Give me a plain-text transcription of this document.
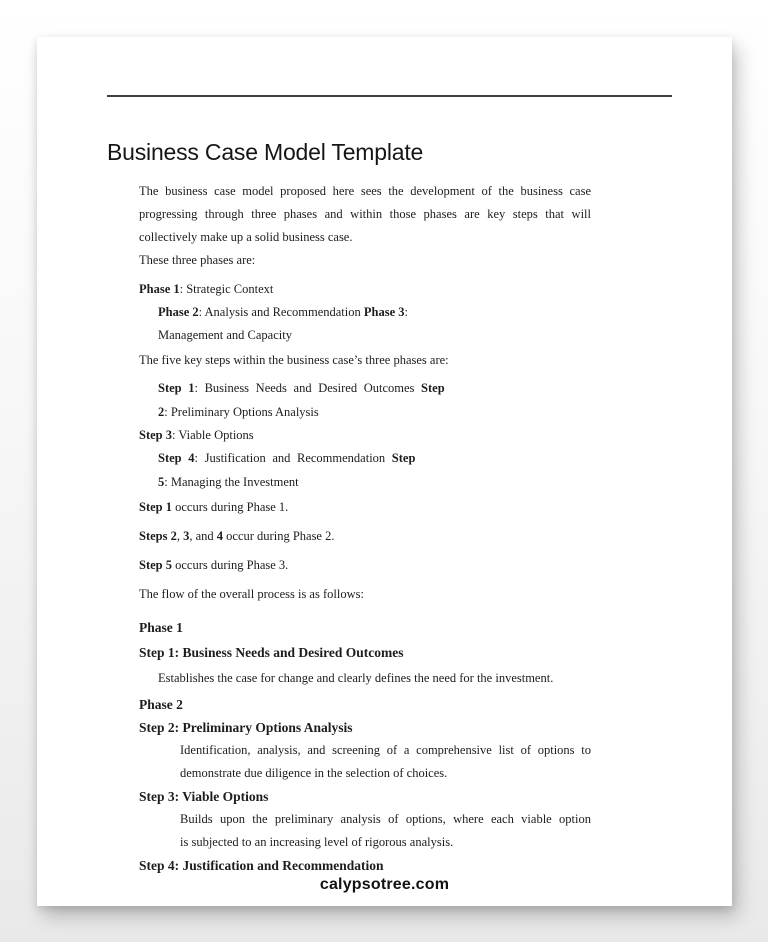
Business Case Model Template
The business case model proposed here sees the development of the business case
progressing through three phases and within those phases are key steps that will
collectively make up a solid business case.
These three phases are:
Phase 1: Strategic Context
Phase 2: Analysis and Recommendation Phase 3:
Management and Capacity
The five key steps within the business case’s three phases are:
Step 1: Business Needs and Desired Outcomes Step
2: Preliminary Options Analysis
Step 3: Viable Options
Step 4: Justification and Recommendation Step
5: Managing the Investment
Step 1 occurs during Phase 1.
Steps 2, 3, and 4 occur during Phase 2.
Step 5 occurs during Phase 3.
The flow of the overall process is as follows:
Phase 1
Step 1: Business Needs and Desired Outcomes
Establishes the case for change and clearly defines the need for the investment.
Phase 2
Step 2: Preliminary Options Analysis
Identification, analysis, and screening of a comprehensive list of options to
demonstrate due diligence in the selection of choices.
Step 3: Viable Options
Builds upon the preliminary analysis of options, where each viable option
is subjected to an increasing level of rigorous analysis.
Step 4: Justification and Recommendation
calypsotree.com
